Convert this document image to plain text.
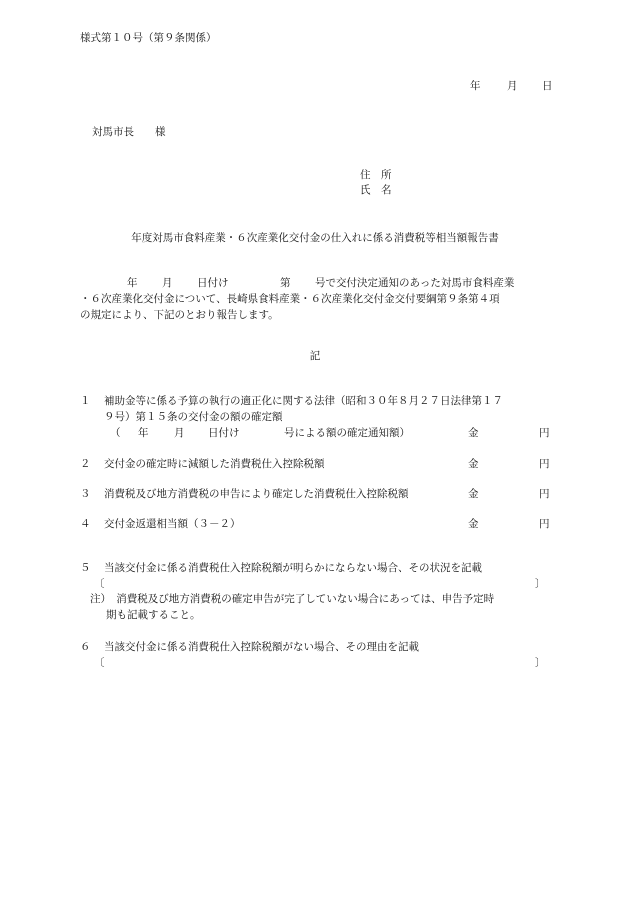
様式第１０号（第９条関係）
年	月 日
対馬市長　　様
住　所
氏　名
年度対馬市食料産業・６次産業化交付金の仕入れに係る消費税等相当額報告書
年 月 日付け	第 号で交付決定通知のあった対馬市食料産業
・６次産業化交付金について、長崎県食料産業・６次産業化交付金交付要綱第９条第４項
の規定により、下記のとおり報告します。
記
１ 補助金等に係る予算の執行の適正化に関する法律（昭和３０年８月２７日法律第１７
９号）第１５条の交付金の額の確定額
（ 年 月 日付け	号による額の確定通知額）	金	円
２ 交付金の確定時に減額した消費税仕入控除税額	金	円
３ 消費税及び地方消費税の申告により確定した消費税仕入控除税額	金	円
４ 交付金返還相当額（３－２）	金	円
５ 当該交付金に係る消費税仕入控除税額が明らかにならない場合、その状況を記載
〔	〕
注）　消費税及び地方消費税の確定申告が完了していない場合にあっては、申告予定時
期も記載すること。
６ 当該交付金に係る消費税仕入控除税額がない場合、その理由を記載
〔	〕
